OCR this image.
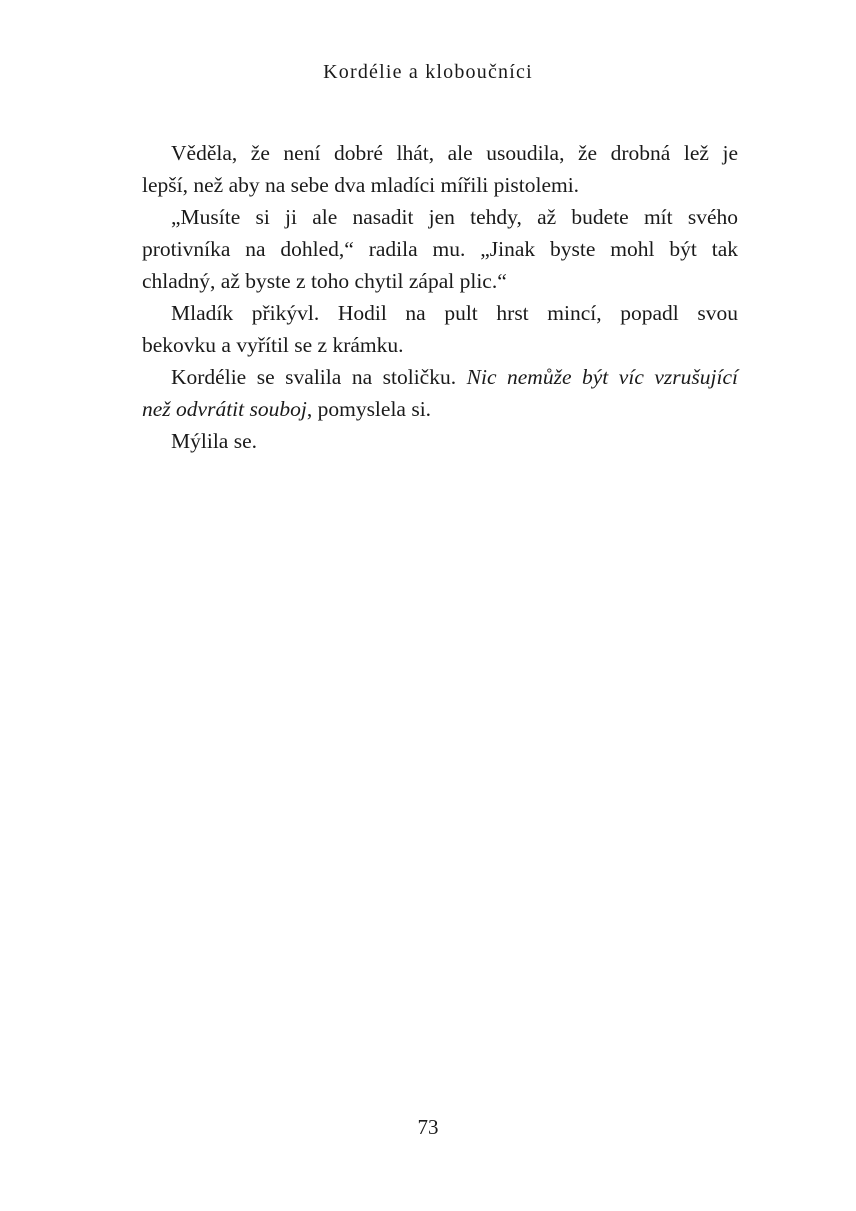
Kordélie a kloboučníci

Věděla, že není dobré lhát, ale usoudila, že drobná lež je
lepší, než aby na sebe dva mladíci mířili pistolemi.

„Musíte si ji ale nasadit jen tehdy, až budete mít svého
protivníka na dohled,“ radila mu. „Jinak byste mohl být tak
chladný, až byste z toho chytil zápal plic.“

Mladík přikývl. Hodil na pult hrst mincí, popadl svou
bekovku a vyřítil se z krámku.

Kordélie se svalila na stoličku. Nic nemůže být víc vzrušující
než odvrátit souboj, pomyslela si.

Mýlila se.

73
